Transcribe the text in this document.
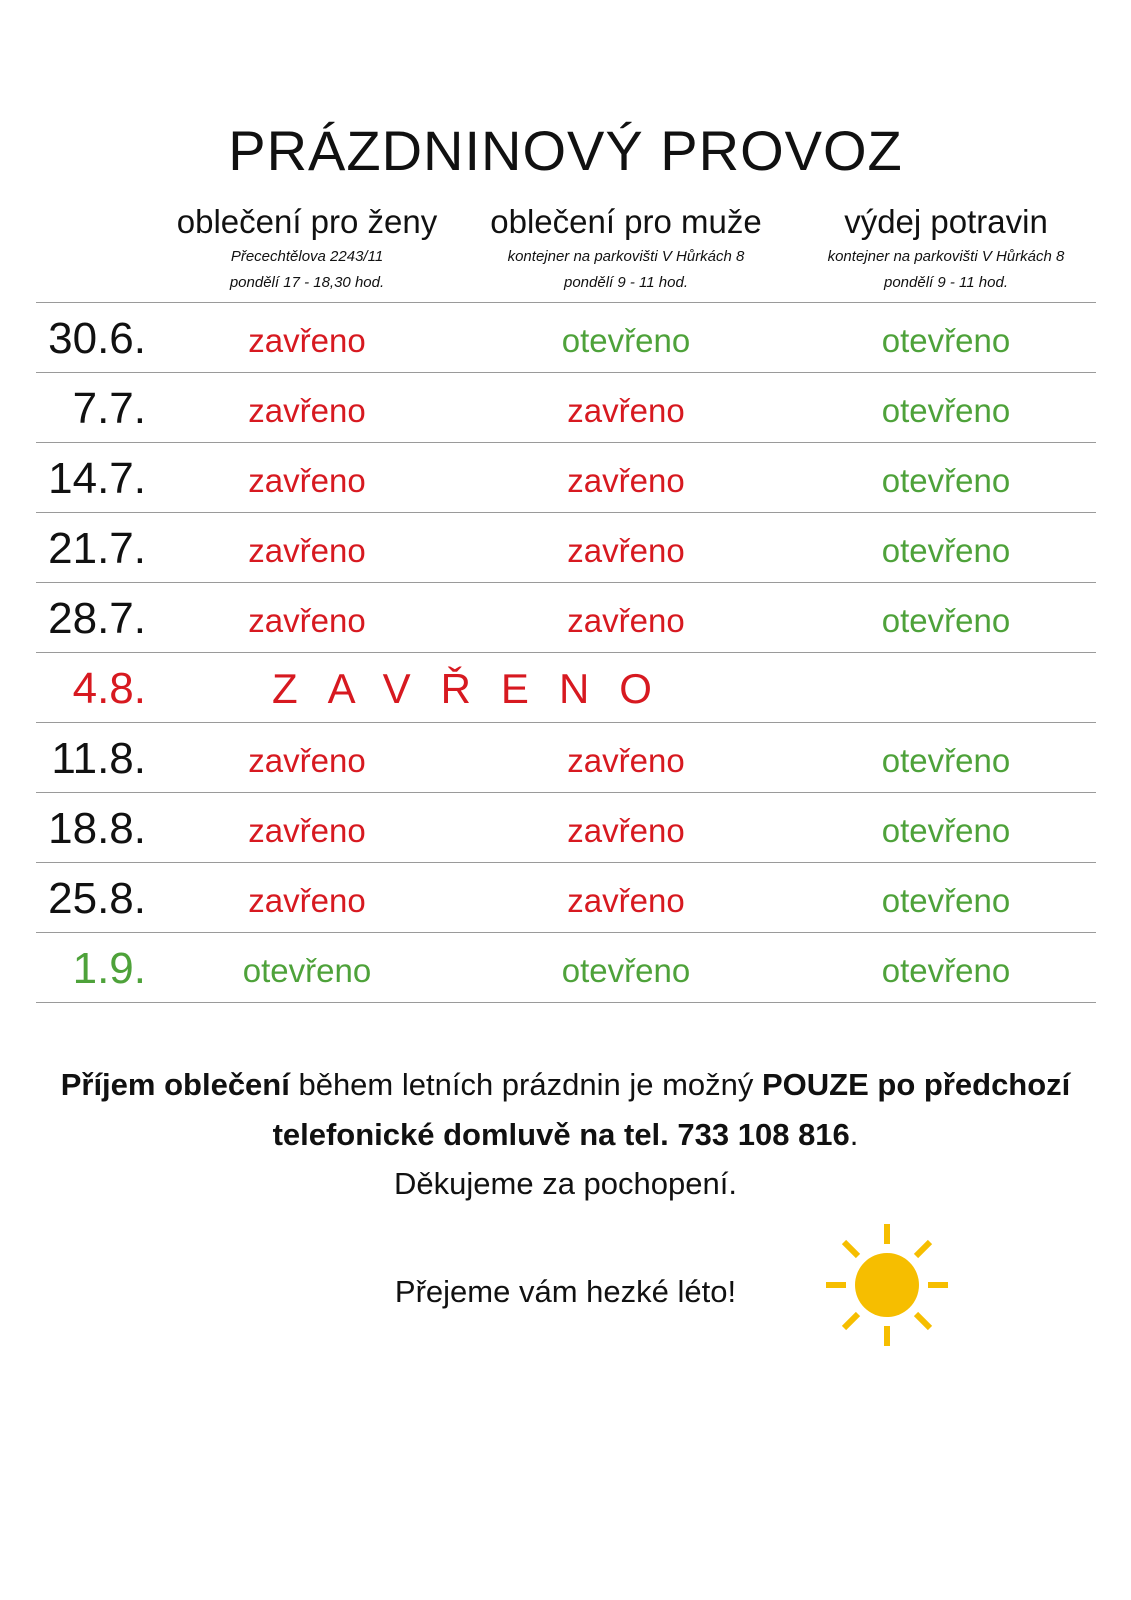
PRÁZDNINOVÝ PROVOZ
oblečení pro ženy
Přecechtělova 2243/11
pondělí 17 - 18,30 hod.
oblečení pro muže
kontejner na parkovišti V Hůrkách 8
pondělí 9 - 11 hod.
výdej potravin
kontejner na parkovišti V Hůrkách 8
pondělí 9 - 11 hod.
30.6.	zavřeno	otevřeno	otevřeno
7.7.	zavřeno	zavřeno	otevřeno
14.7.	zavřeno	zavřeno	otevřeno
21.7.	zavřeno	zavřeno	otevřeno
28.7.	zavřeno	zavřeno	otevřeno
4.8.	ZAVŘENO
11.8.	zavřeno	zavřeno	otevřeno
18.8.	zavřeno	zavřeno	otevřeno
25.8.	zavřeno	zavřeno	otevřeno
1.9.	otevřeno	otevřeno	otevřeno
Příjem oblečení během letních prázdnin je možný POUZE po předchozí telefonické domluvě na tel. 733 108 816.
Děkujeme za pochopení.
Přejeme vám hezké léto!
